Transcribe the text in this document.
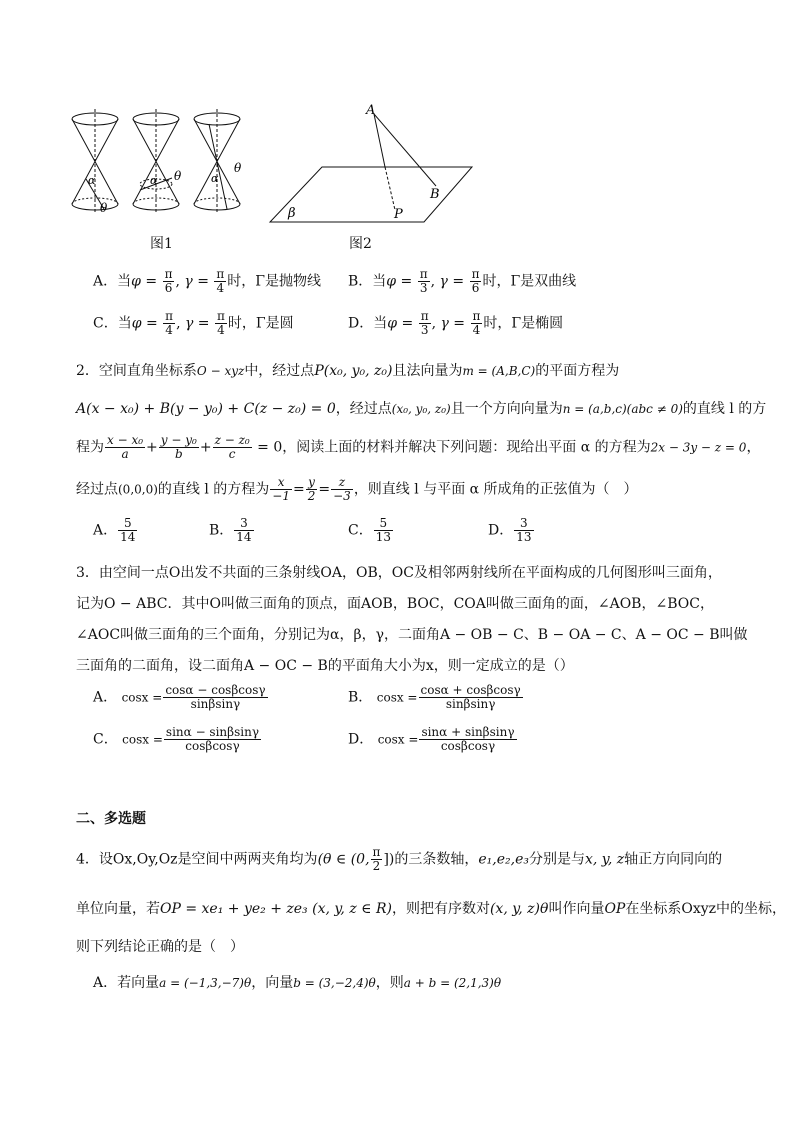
α
θ
α θ	α
θ
图1
A
B
P
β
图2
A．当$\varphi = \frac{\pi}{6}$ , $\gamma = \frac{\pi}{4}$ 时，Γ是抛物线 B．当$\varphi = \frac{\pi}{3}$ , $\gamma = \frac{\pi}{6}$ 时，Γ是双曲线
C．当$\varphi = \frac{\pi}{4}$ , $\gamma = \frac{\pi}{4}$ 时，Γ是圆	D．当$\varphi = \frac{\pi}{3}$ , $\gamma = \frac{\pi}{4}$ 时，Γ是椭圆
2．空间直角坐标系O − xyz中，经过点P(x₀, y₀, z₀)且法向量为m = (A,B,C)的平面方程为
A(x − x₀) + B(y − y₀) + C(z − z₀) = 0，经过点(x₀, y₀, z₀)且一个方向向量为n = (a,b,c)(abc ≠ 0)的直线 l 的方
程为 $\frac{\text{x − x₀}}{a} + \frac{\text{y − y₀}}{b} + \frac{\text{z − z₀}}{c} = 0$，阅读上面的材料并解决下列问题：现给出平面 α 的方程为2x − 3y − z = 0，
经过点(0,0,0)的直线 l 的方程为 $\frac{x}{-1} = \frac{y}{2} = \frac{z}{-3}$ ，则直线 l 与平面 α 所成角的正弦值为（　）
A． $\frac{5}{14}$	B． $\frac{3}{14}$	C． $\frac{5}{13}$	D． $\frac{3}{13}$
3．由空间一点O出发不共面的三条射线OA，OB，OC及相邻两射线所在平面构成的几何图形叫三面角，
记为O − ABC．其中O叫做三面角的顶点，面AOB，BOC，COA叫做三面角的面，∠AOB，∠BOC，
∠AOC叫做三面角的三个面角，分别记为α，β，γ，二面角A − OB − C、B − OA − C、A − OC − B叫做
三面角的二面角，设二面角A − OC − B的平面角大小为x，则一定成立的是（）
A． $\cos x = \frac{\cos\alpha - \cos\beta\cos\gamma}{\sin\beta\sin\gamma}$	B． $\cos x = \frac{\cos\alpha + \cos\beta\cos\gamma}{\sin\beta\sin\gamma}$
C． $\cos x = \frac{\sin\alpha - \sin\beta\sin\gamma}{\cos\beta\cos\gamma}$	D． $\cos x = \frac{\sin\alpha + \sin\beta\sin\gamma}{\cos\beta\cos\gamma}$
二、多选题
4．设Ox,Oy,Oz是空间中两两夹角均为(θ ∈ (0, $\frac{\pi}{2}$ ])的三条数轴，e₁,e₂,e₃分别是与x, y, z轴正方向同向的
单位向量，若OP = xe₁ + ye₂ + ze₃ (x, y, z ∈ R)，则把有序数对(x, y, z)θ叫作向量OP在坐标系Oxyz中的坐标，
则下列结论正确的是（　）
A．若向量a = (−1,3,−7)θ，向量b = (3,−2,4)θ，则a + b = (2,1,3)θ
